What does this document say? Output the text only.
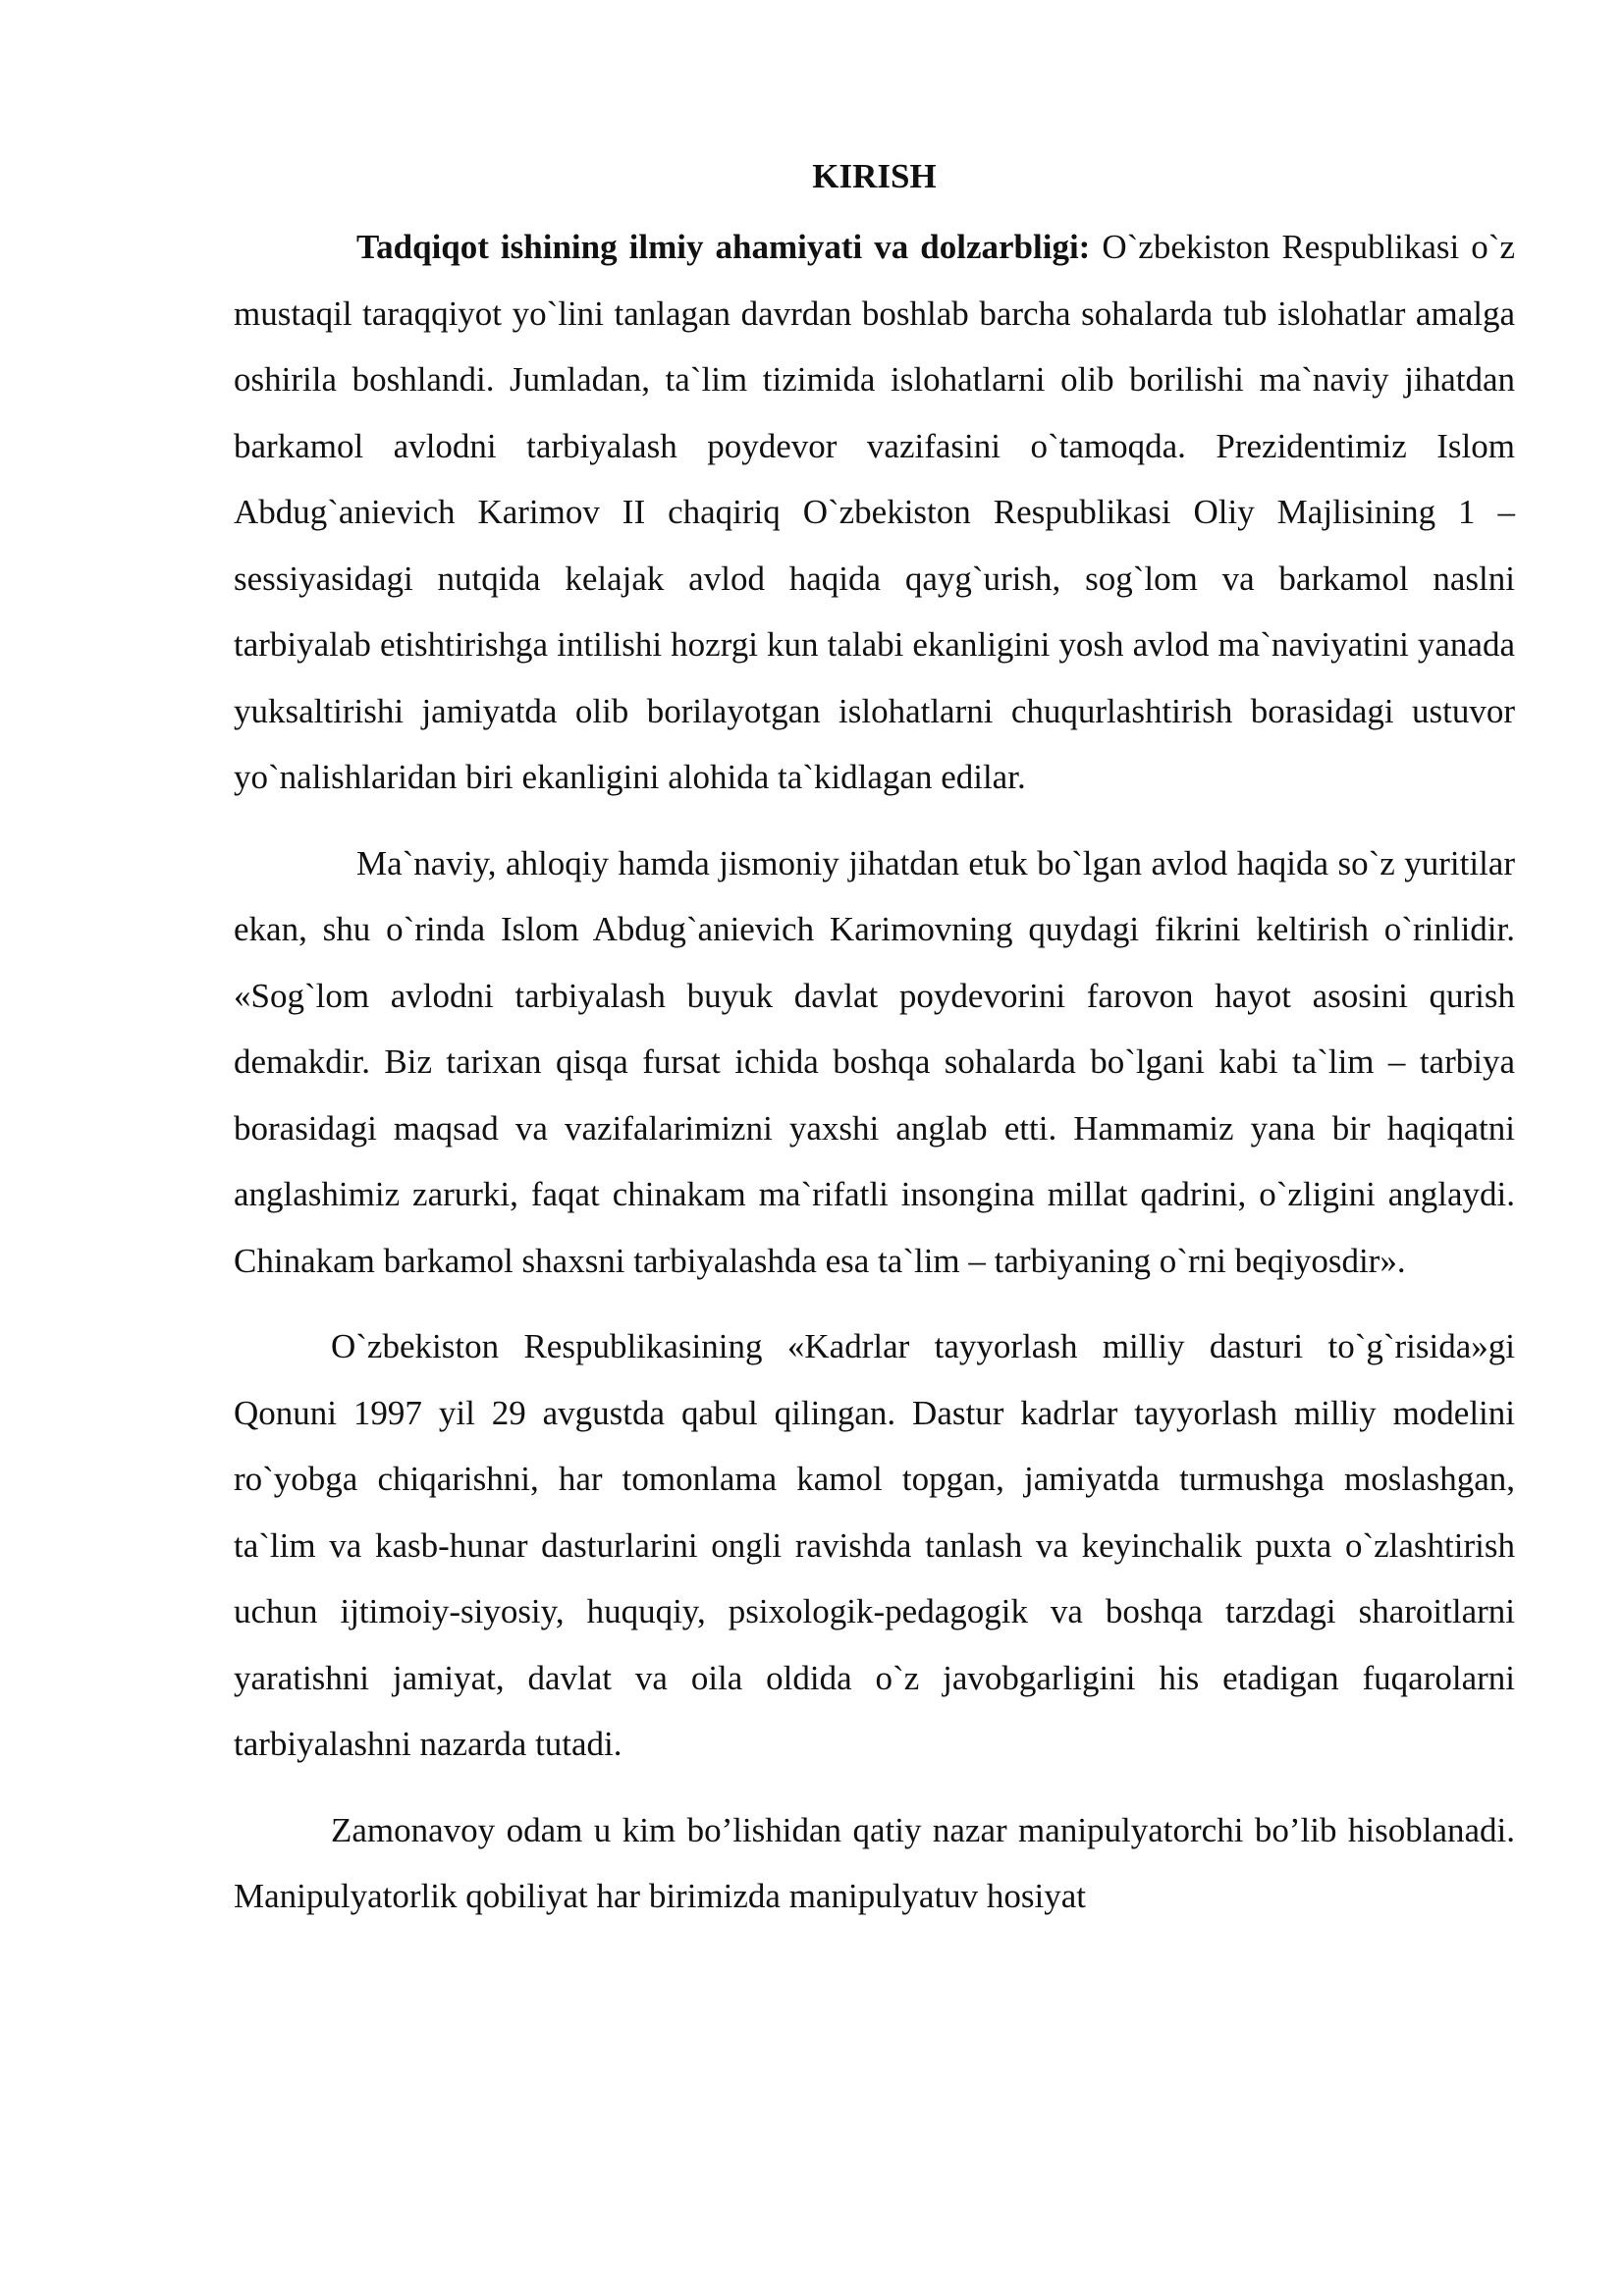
KIRISH

Tadqiqot ishining ilmiy ahamiyati va dolzarbligi: O`zbekiston Respublikasi o`z mustaqil taraqqiyot yo`lini tanlagan davrdan boshlab barcha sohalarda tub islohatlar amalga oshirila boshlandi. Jumladan, ta`lim tizimida islohatlarni olib borilishi ma`naviy jihatdan barkamol avlodni tarbiyalash poydevor vazifasini o`tamoqda. Prezidentimiz Islom Abdug`anievich Karimov II chaqiriq O`zbekiston Respublikasi Oliy Majlisining 1 – sessiyasidagi nutqida kelajak avlod haqida qayg`urish, sog`lom va barkamol naslni tarbiyalab etishtirishga intilishi hozrgi kun talabi ekanligini yosh avlod ma`naviyatini yanada yuksaltirishi jamiyatda olib borilayotgan islohatlarni chuqurlashtirish borasidagi ustuvor yo`nalishlaridan biri ekanligini alohida ta`kidlagan edilar.

Ma`naviy, ahloqiy hamda jismoniy jihatdan etuk bo`lgan avlod haqida so`z yuritilar ekan, shu o`rinda Islom Abdug`anievich Karimovning quydagi fikrini keltirish o`rinlidir. «Sog`lom avlodni tarbiyalash buyuk davlat poydevorini farovon hayot asosini qurish demakdir. Biz tarixan qisqa fursat ichida boshqa sohalarda bo`lgani kabi ta`lim – tarbiya borasidagi maqsad va vazifalarimizni yaxshi anglab etti. Hammamiz yana bir haqiqatni anglashimiz zarurki, faqat chinakam ma`rifatli insongina millat qadrini, o`zligini anglaydi. Chinakam barkamol shaxsni tarbiyalashda esa ta`lim – tarbiyaning o`rni beqiyosdir».

O`zbekiston Respublikasining «Kadrlar tayyorlash milliy dasturi to`g`risida»gi Qonuni 1997 yil 29 avgustda qabul qilingan. Dastur kadrlar tayyorlash milliy modelini ro`yobga chiqarishni, har tomonlama kamol topgan, jamiyatda turmushga moslashgan, ta`lim va kasb-hunar dasturlarini ongli ravishda tanlash va keyinchalik puxta o`zlashtirish uchun ijtimoiy-siyosiy, huquqiy, psixologik-pedagogik va boshqa tarzdagi sharoitlarni yaratishni jamiyat, davlat va oila oldida o`z javobgarligini his etadigan fuqarolarni tarbiyalashni nazarda tutadi.

Zamonavoy odam u kim bo’lishidan qatiy nazar manipulyatorchi bo’lib hisoblanadi. Manipulyatorlik qobiliyat har birimizda manipulyatuv hosiyat
